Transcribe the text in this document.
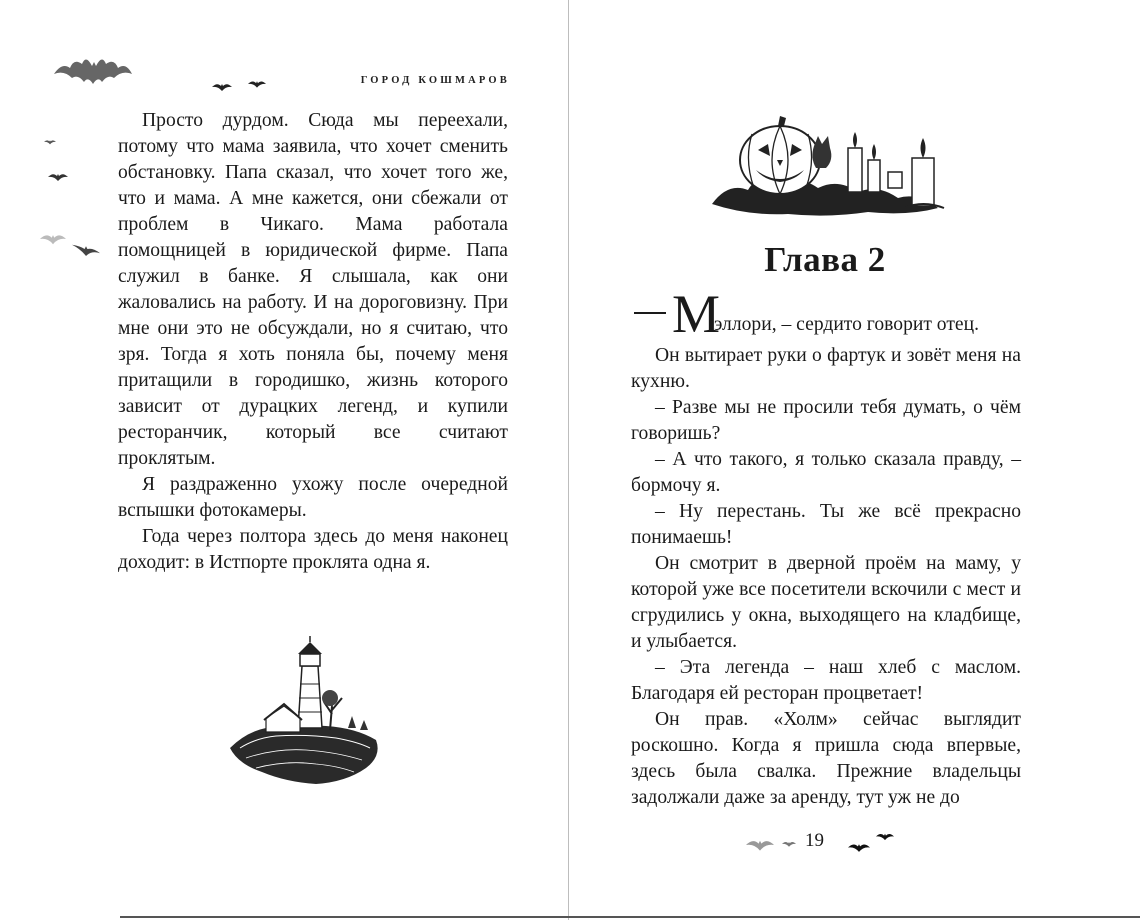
ГОРОД КОШМАРОВ

Просто дурдом. Сюда мы переехали, потому что мама заявила, что хочет сменить обстановку. Папа сказал, что хочет того же, что и мама. А мне кажется, они сбежали от проблем в Чикаго. Мама работала помощницей в юридической фирме. Папа служил в банке. Я слышала, как они жаловались на работу. И на дороговизну. При мне они это не обсуждали, но я считаю, что зря. Тогда я хоть поняла бы, почему меня притащили в городишко, жизнь которого зависит от дурацких легенд, и купили ресторанчик, который все считают проклятым.

Я раздраженно ухожу после очередной вспышки фотокамеры.

Года через полтора здесь до меня наконец доходит: в Истпорте проклята одна я.

Глава 2
М
эллори, – сердито говорит отец.

Он вытирает руки о фартук и зовёт меня на кухню.

– Разве мы не просили тебя думать, о чём говоришь?

– А что такого, я только сказала правду, – бормочу я.

– Ну перестань. Ты же всё прекрасно понимаешь!

Он смотрит в дверной проём на маму, у которой уже все посетители вскочили с мест и сгрудились у окна, выходящего на кладбище, и улыбается.

– Эта легенда – наш хлеб с маслом. Благодаря ей ресторан процветает!

Он прав. «Холм» сейчас выглядит роскошно. Когда я пришла сюда впервые, здесь была свалка. Прежние владельцы задолжали даже за аренду, тут уж не до

19
